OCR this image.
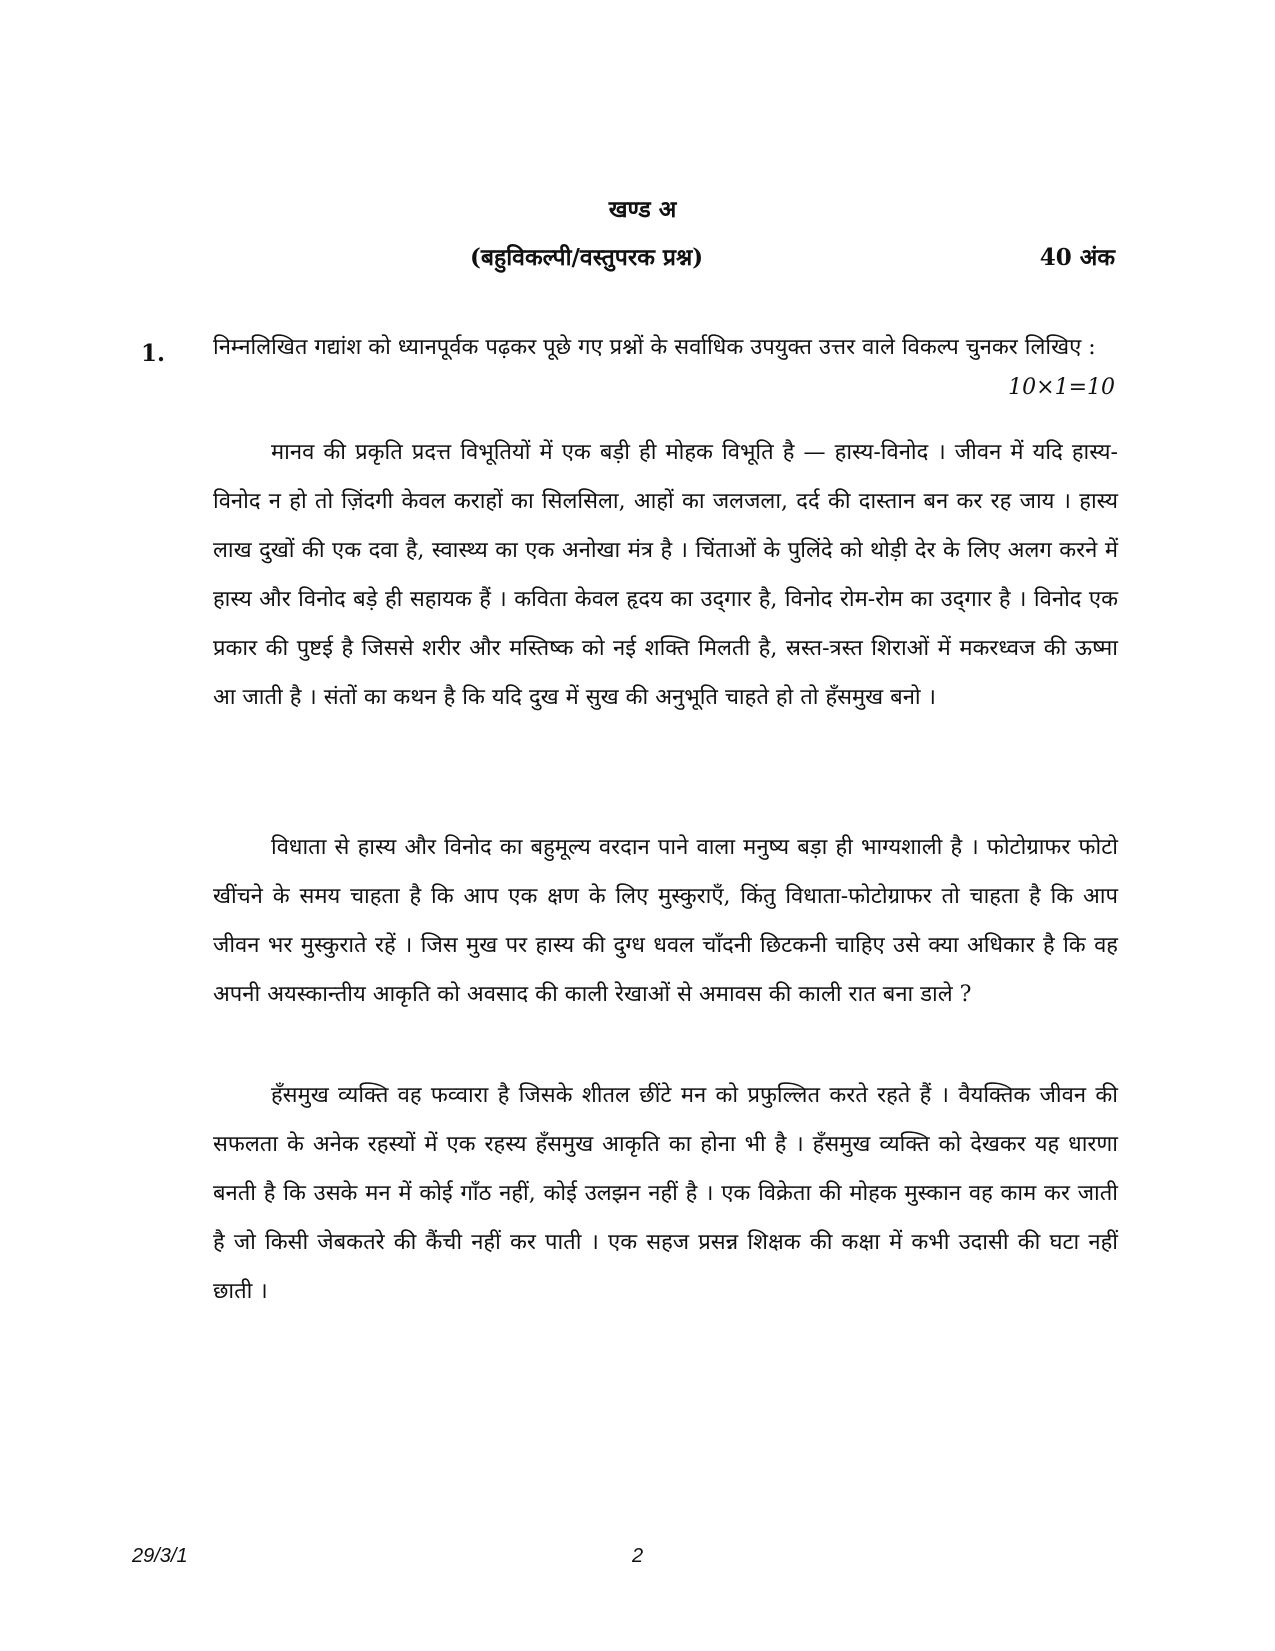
खण्ड अ
(बहुविकल्पी/वस्तुपरक प्रश्न)	40 अंक
1. निम्नलिखित गद्यांश को ध्यानपूर्वक पढ़कर पूछे गए प्रश्नों के सर्वाधिक उपयुक्त उत्तर वाले विकल्प चुनकर लिखिए :
10×1=10

मानव की प्रकृति प्रदत्त विभूतियों में एक बड़ी ही मोहक विभूति है — हास्य-विनोद । जीवन में यदि हास्य-विनोद न हो तो ज़िंदगी केवल कराहों का सिलसिला, आहों का जलजला, दर्द की दास्तान बन कर रह जाय । हास्य लाख दुखों की एक दवा है, स्वास्थ्य का एक अनोखा मंत्र है । चिंताओं के पुलिंदे को थोड़ी देर के लिए अलग करने में हास्य और विनोद बड़े ही सहायक हैं । कविता केवल हृदय का उद्‌गार है, विनोद रोम-रोम का उद्‌गार है । विनोद एक प्रकार की पुष्टई है जिससे शरीर और मस्तिष्क को नई शक्ति मिलती है, स्रस्त-त्रस्त शिराओं में मकरध्वज की ऊष्मा आ जाती है । संतों का कथन है कि यदि दुख में सुख की अनुभूति चाहते हो तो हँसमुख बनो ।

विधाता से हास्य और विनोद का बहुमूल्य वरदान पाने वाला मनुष्य बड़ा ही भाग्यशाली है । फोटोग्राफर फोटो खींचने के समय चाहता है कि आप एक क्षण के लिए मुस्कुराएँ, किंतु विधाता-फोटोग्राफर तो चाहता है कि आप जीवन भर मुस्कुराते रहें । जिस मुख पर हास्य की दुग्ध धवल चाँदनी छिटकनी चाहिए उसे क्या अधिकार है कि वह अपनी अयस्कान्तीय आकृति को अवसाद की काली रेखाओं से अमावस की काली रात बना डाले ?

हँसमुख व्यक्ति वह फव्वारा है जिसके शीतल छींटे मन को प्रफुल्लित करते रहते हैं । वैयक्तिक जीवन की सफलता के अनेक रहस्यों में एक रहस्य हँसमुख आकृति का होना भी है । हँसमुख व्यक्ति को देखकर यह धारणा बनती है कि उसके मन में कोई गाँठ नहीं, कोई उलझन नहीं है । एक विक्रेता की मोहक मुस्कान वह काम कर जाती है जो किसी जेबकतरे की कैंची नहीं कर पाती । एक सहज प्रसन्न शिक्षक की कक्षा में कभी उदासी की घटा नहीं छाती ।

29/3/1	2
